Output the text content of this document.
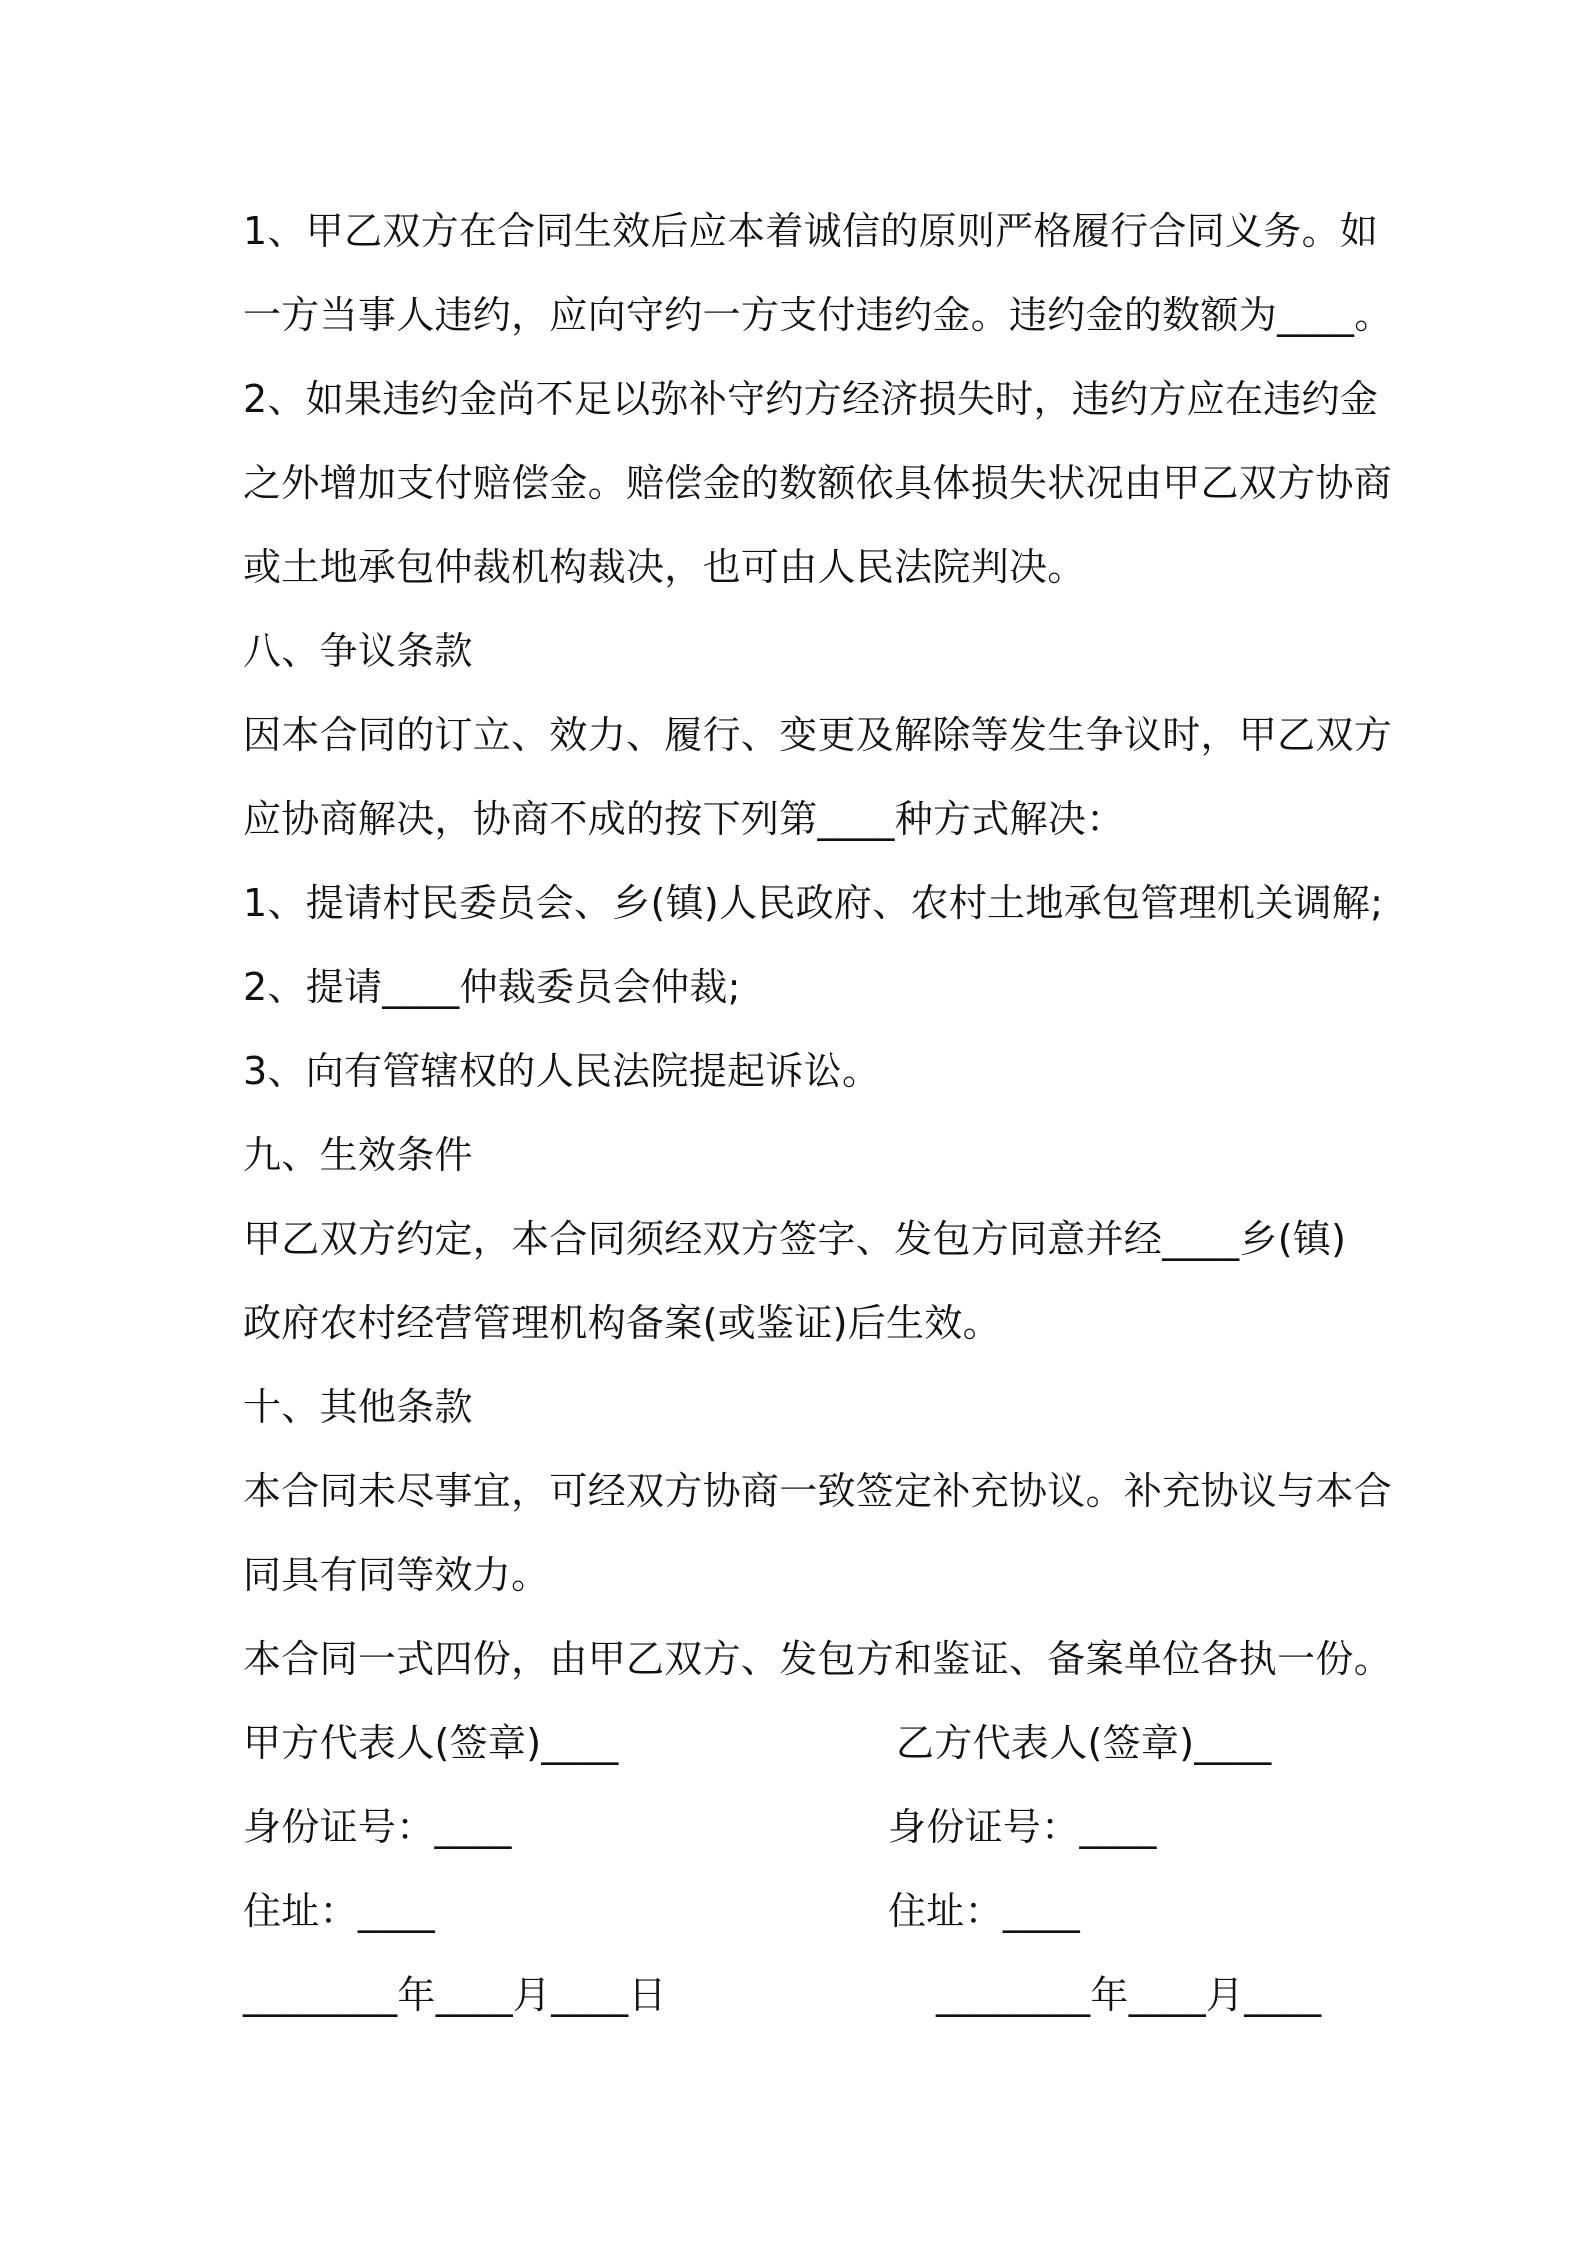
1、甲乙双方在合同生效后应本着诚信的原则严格履行合同义务。如
一方当事人违约，应向守约一方支付违约金。违约金的数额为____。
2、如果违约金尚不足以弥补守约方经济损失时，违约方应在违约金
之外增加支付赔偿金。赔偿金的数额依具体损失状况由甲乙双方协商
或土地承包仲裁机构裁决，也可由人民法院判决。
八、争议条款
因本合同的订立、效力、履行、变更及解除等发生争议时，甲乙双方
应协商解决，协商不成的按下列第____种方式解决：
1、提请村民委员会、乡(镇)人民政府、农村土地承包管理机关调解;
2、提请____仲裁委员会仲裁;
3、向有管辖权的人民法院提起诉讼。
九、生效条件
甲乙双方约定，本合同须经双方签字、发包方同意并经____乡(镇)
政府农村经营管理机构备案(或鉴证)后生效。
十、其他条款
本合同未尽事宜，可经双方协商一致签定补充协议。补充协议与本合
同具有同等效力。
本合同一式四份，由甲乙双方、发包方和鉴证、备案单位各执一份。
甲方代表人(签章)____	乙方代表人(签章)____
身份证号：____	身份证号：____
住址：____	住址：____
________年____月____日	________年____月____
